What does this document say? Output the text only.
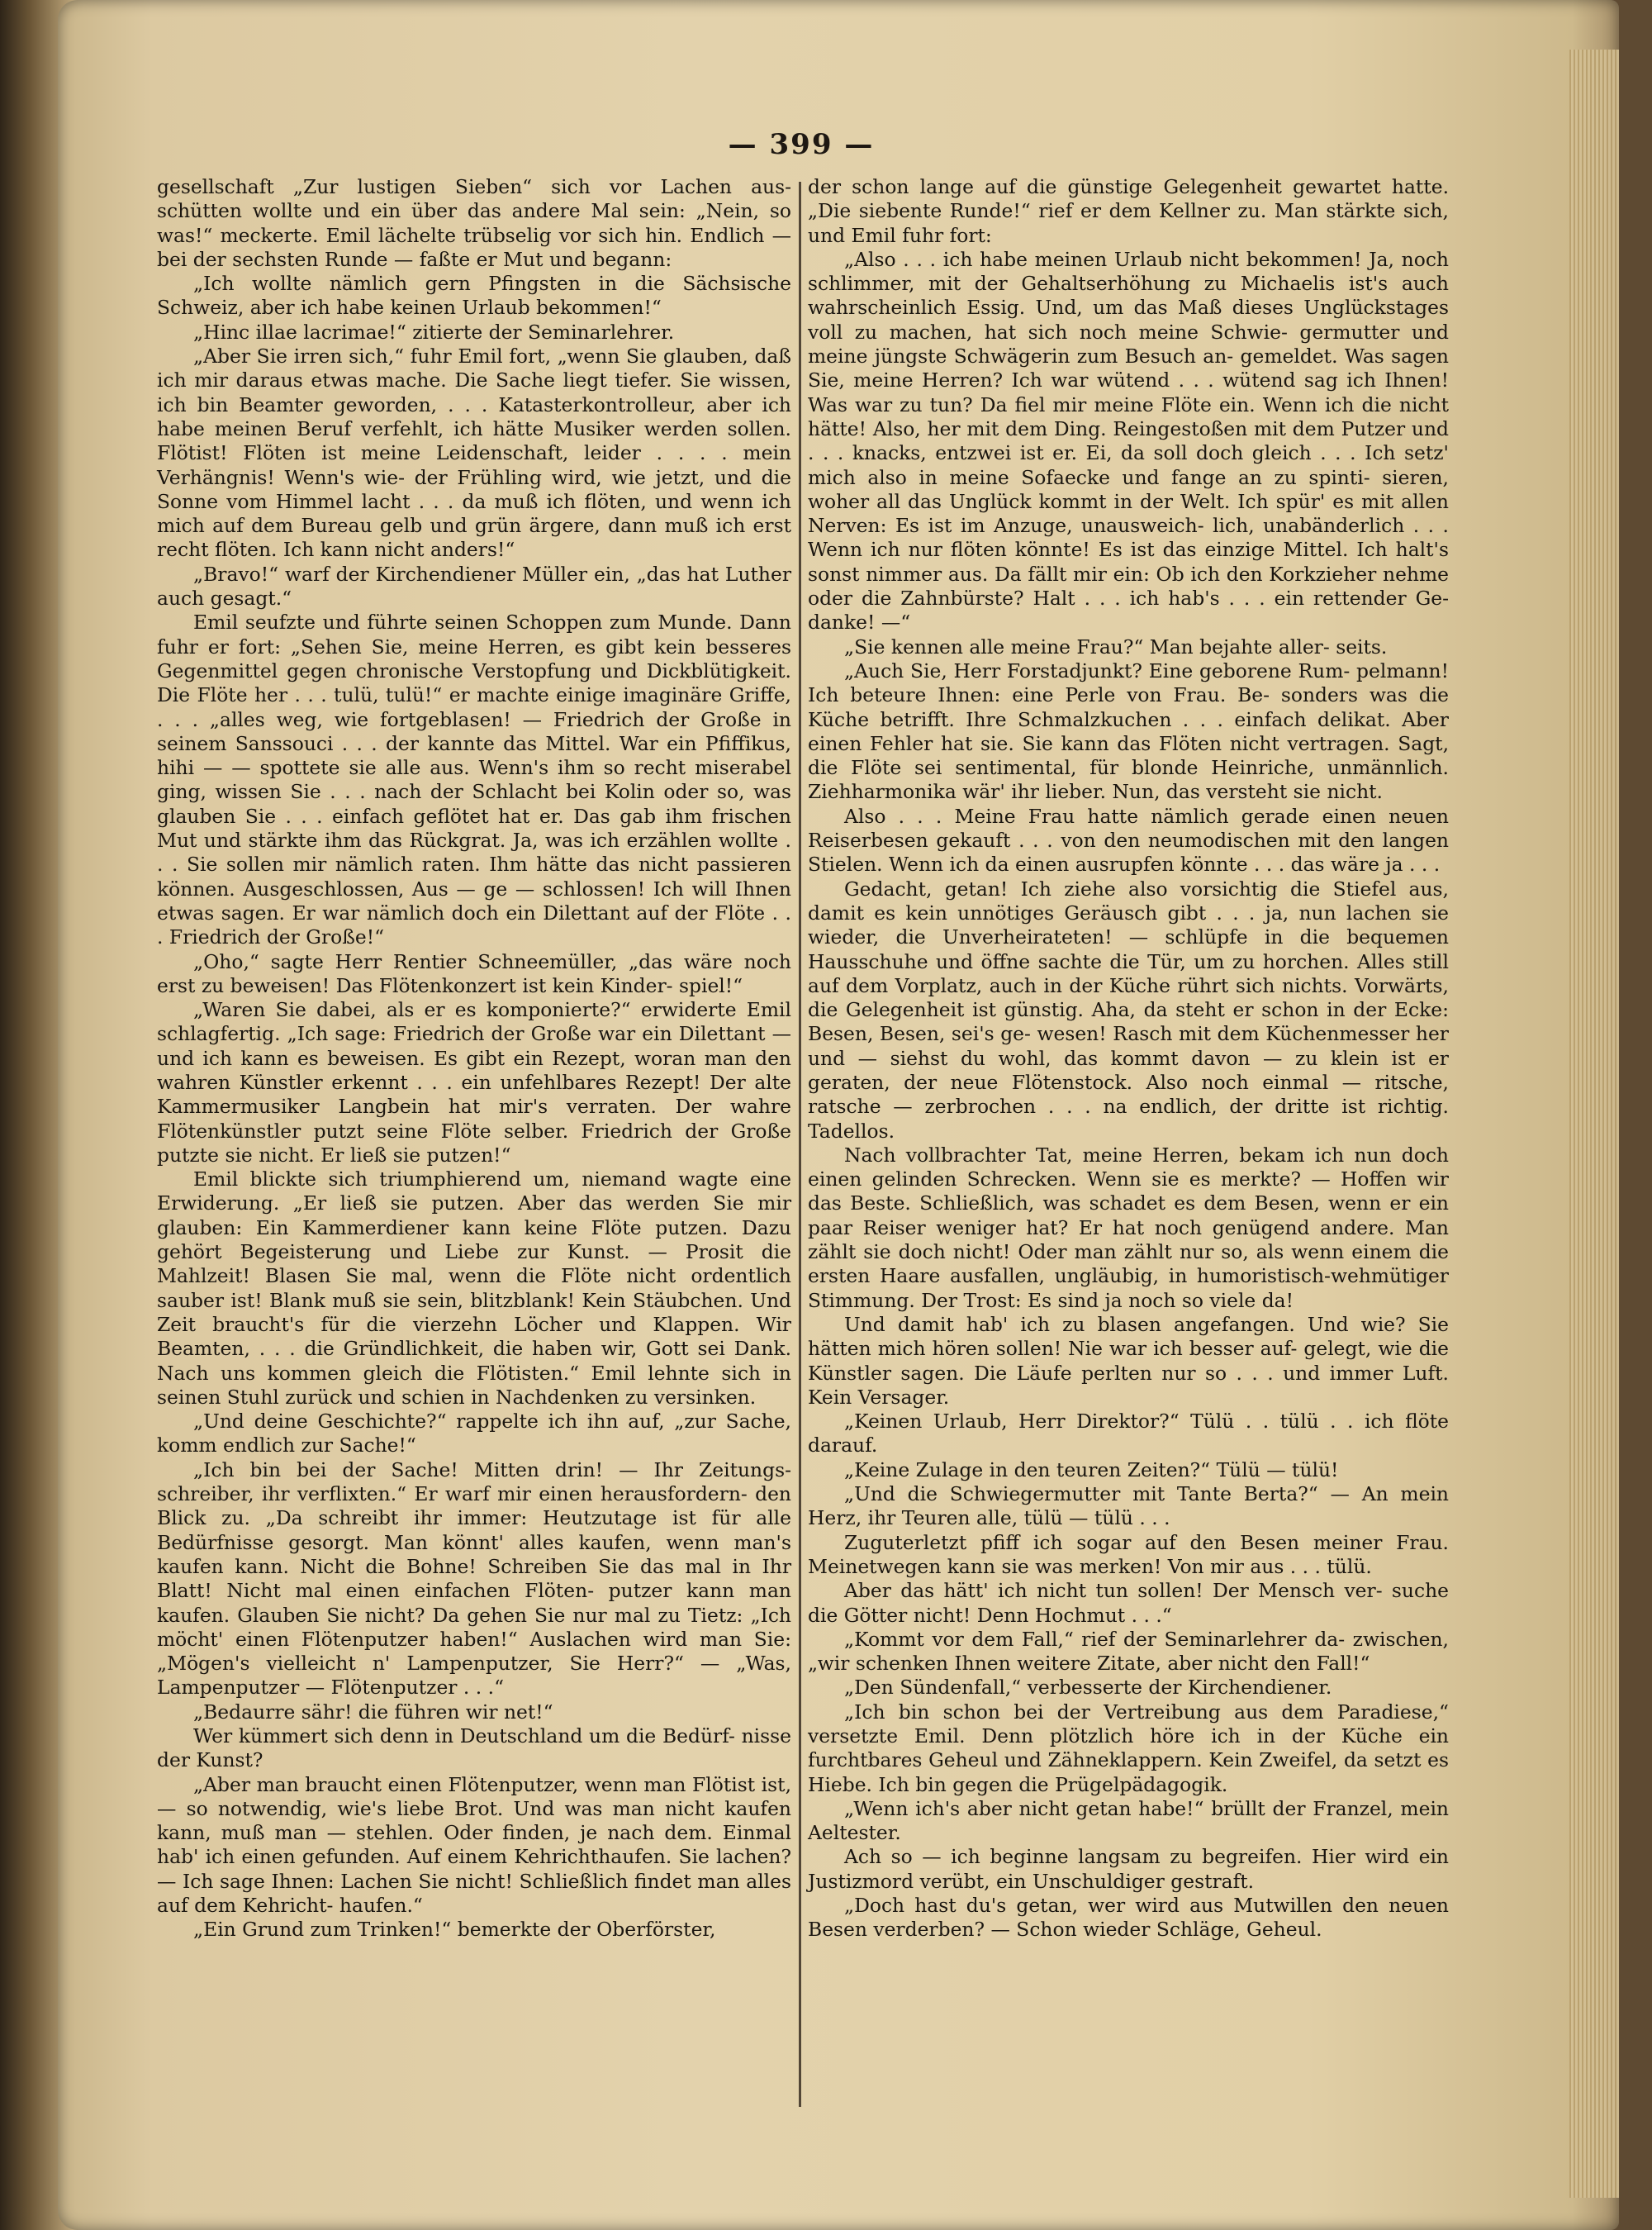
— 399 —

gesellschaft „Zur lustigen Sieben“ sich vor Lachen aus- schütten wollte und ein über das andere Mal sein: „Nein, so was!“ meckerte. Emil lächelte trübselig vor sich hin. Endlich — bei der sechsten Runde — faßte er Mut und begann:

„Ich wollte nämlich gern Pfingsten in die Sächsische Schweiz, aber ich habe keinen Urlaub bekommen!“

„Hinc illae lacrimae!“ zitierte der Seminarlehrer.

„Aber Sie irren sich,“ fuhr Emil fort, „wenn Sie glauben, daß ich mir daraus etwas mache. Die Sache liegt tiefer. Sie wissen, ich bin Beamter geworden, . . . Katasterkontrolleur, aber ich habe meinen Beruf verfehlt, ich hätte Musiker werden sollen. Flötist! Flöten ist meine Leidenschaft, leider . . . . mein Verhängnis! Wenn's wie- der Frühling wird, wie jetzt, und die Sonne vom Himmel lacht . . . da muß ich flöten, und wenn ich mich auf dem Bureau gelb und grün ärgere, dann muß ich erst recht flöten. Ich kann nicht anders!“

„Bravo!“ warf der Kirchendiener Müller ein, „das hat Luther auch gesagt.“

Emil seufzte und führte seinen Schoppen zum Munde. Dann fuhr er fort: „Sehen Sie, meine Herren, es gibt kein besseres Gegenmittel gegen chronische Verstopfung und Dickblütigkeit. Die Flöte her . . . tulü, tulü!“ er machte einige imaginäre Griffe, . . . „alles weg, wie fortgeblasen! — Friedrich der Große in seinem Sanssouci . . . der kannte das Mittel. War ein Pfiffikus, hihi — — spottete sie alle aus. Wenn's ihm so recht miserabel ging, wissen Sie . . . nach der Schlacht bei Kolin oder so, was glauben Sie . . . einfach geflötet hat er. Das gab ihm frischen Mut und stärkte ihm das Rückgrat. Ja, was ich erzählen wollte . . . Sie sollen mir nämlich raten. Ihm hätte das nicht passieren können. Ausgeschlossen, Aus — ge — schlossen! Ich will Ihnen etwas sagen. Er war nämlich doch ein Dilettant auf der Flöte . . . Friedrich der Große!“

„Oho,“ sagte Herr Rentier Schneemüller, „das wäre noch erst zu beweisen! Das Flötenkonzert ist kein Kinder- spiel!“

„Waren Sie dabei, als er es komponierte?“ erwiderte Emil schlagfertig. „Ich sage: Friedrich der Große war ein Dilettant — und ich kann es beweisen. Es gibt ein Rezept, woran man den wahren Künstler erkennt . . . ein unfehlbares Rezept! Der alte Kammermusiker Langbein hat mir's verraten. Der wahre Flötenkünstler putzt seine Flöte selber. Friedrich der Große putzte sie nicht. Er ließ sie putzen!“

Emil blickte sich triumphierend um, niemand wagte eine Erwiderung. „Er ließ sie putzen. Aber das werden Sie mir glauben: Ein Kammerdiener kann keine Flöte putzen. Dazu gehört Begeisterung und Liebe zur Kunst. — Prosit die Mahlzeit! Blasen Sie mal, wenn die Flöte nicht ordentlich sauber ist! Blank muß sie sein, blitzblank! Kein Stäubchen. Und Zeit braucht's für die vierzehn Löcher und Klappen. Wir Beamten, . . . die Gründlichkeit, die haben wir, Gott sei Dank. Nach uns kommen gleich die Flötisten.“ Emil lehnte sich in seinen Stuhl zurück und schien in Nachdenken zu versinken.

„Und deine Geschichte?“ rappelte ich ihn auf, „zur Sache, komm endlich zur Sache!“

„Ich bin bei der Sache! Mitten drin! — Ihr Zeitungs- schreiber, ihr verflixten.“ Er warf mir einen herausfordern- den Blick zu. „Da schreibt ihr immer: Heutzutage ist für alle Bedürfnisse gesorgt. Man könnt' alles kaufen, wenn man's kaufen kann. Nicht die Bohne! Schreiben Sie das mal in Ihr Blatt! Nicht mal einen einfachen Flöten- putzer kann man kaufen. Glauben Sie nicht? Da gehen Sie nur mal zu Tietz: „Ich möcht' einen Flötenputzer haben!“ Auslachen wird man Sie: „Mögen's vielleicht n' Lampenputzer, Sie Herr?“ — „Was, Lampenputzer — Flötenputzer . . .“

„Bedaurre sähr! die führen wir net!“

Wer kümmert sich denn in Deutschland um die Bedürf- nisse der Kunst?

„Aber man braucht einen Flötenputzer, wenn man Flötist ist, — so notwendig, wie's liebe Brot. Und was man nicht kaufen kann, muß man — stehlen. Oder finden, je nach dem. Einmal hab' ich einen gefunden. Auf einem Kehrichthaufen. Sie lachen? — Ich sage Ihnen: Lachen Sie nicht! Schließlich findet man alles auf dem Kehricht- haufen.“

„Ein Grund zum Trinken!“ bemerkte der Oberförster,

der schon lange auf die günstige Gelegenheit gewartet hatte. „Die siebente Runde!“ rief er dem Kellner zu. Man stärkte sich, und Emil fuhr fort:

„Also . . . ich habe meinen Urlaub nicht bekommen! Ja, noch schlimmer, mit der Gehaltserhöhung zu Michaelis ist's auch wahrscheinlich Essig. Und, um das Maß dieses Unglückstages voll zu machen, hat sich noch meine Schwie- germutter und meine jüngste Schwägerin zum Besuch an- gemeldet. Was sagen Sie, meine Herren? Ich war wütend . . . wütend sag ich Ihnen! Was war zu tun? Da fiel mir meine Flöte ein. Wenn ich die nicht hätte! Also, her mit dem Ding. Reingestoßen mit dem Putzer und . . . knacks, entzwei ist er. Ei, da soll doch gleich . . . Ich setz' mich also in meine Sofaecke und fange an zu spinti- sieren, woher all das Unglück kommt in der Welt. Ich spür' es mit allen Nerven: Es ist im Anzuge, unausweich- lich, unabänderlich . . . Wenn ich nur flöten könnte! Es ist das einzige Mittel. Ich halt's sonst nimmer aus. Da fällt mir ein: Ob ich den Korkzieher nehme oder die Zahnbürste? Halt . . . ich hab's . . . ein rettender Ge- danke! —“

„Sie kennen alle meine Frau?“ Man bejahte aller- seits.

„Auch Sie, Herr Forstadjunkt? Eine geborene Rum- pelmann! Ich beteure Ihnen: eine Perle von Frau. Be- sonders was die Küche betrifft. Ihre Schmalzkuchen . . . einfach delikat. Aber einen Fehler hat sie. Sie kann das Flöten nicht vertragen. Sagt, die Flöte sei sentimental, für blonde Heinriche, unmännlich. Ziehharmonika wär' ihr lieber. Nun, das versteht sie nicht.

Also . . . Meine Frau hatte nämlich gerade einen neuen Reiserbesen gekauft . . . von den neumodischen mit den langen Stielen. Wenn ich da einen ausrupfen könnte . . . das wäre ja . . .

Gedacht, getan! Ich ziehe also vorsichtig die Stiefel aus, damit es kein unnötiges Geräusch gibt . . . ja, nun lachen sie wieder, die Unverheirateten! — schlüpfe in die bequemen Hausschuhe und öffne sachte die Tür, um zu horchen. Alles still auf dem Vorplatz, auch in der Küche rührt sich nichts. Vorwärts, die Gelegenheit ist günstig. Aha, da steht er schon in der Ecke: Besen, Besen, sei's ge- wesen! Rasch mit dem Küchenmesser her und — siehst du wohl, das kommt davon — zu klein ist er geraten, der neue Flötenstock. Also noch einmal — ritsche, ratsche — zerbrochen . . . na endlich, der dritte ist richtig. Tadellos.

Nach vollbrachter Tat, meine Herren, bekam ich nun doch einen gelinden Schrecken. Wenn sie es merkte? — Hoffen wir das Beste. Schließlich, was schadet es dem Besen, wenn er ein paar Reiser weniger hat? Er hat noch genügend andere. Man zählt sie doch nicht! Oder man zählt nur so, als wenn einem die ersten Haare ausfallen, ungläubig, in humoristisch-wehmütiger Stimmung. Der Trost: Es sind ja noch so viele da!

Und damit hab' ich zu blasen angefangen. Und wie? Sie hätten mich hören sollen! Nie war ich besser auf- gelegt, wie die Künstler sagen. Die Läufe perlten nur so . . . und immer Luft. Kein Versager.

„Keinen Urlaub, Herr Direktor?“ Tülü . . tülü . . ich flöte darauf.

„Keine Zulage in den teuren Zeiten?“ Tülü — tülü!

„Und die Schwiegermutter mit Tante Berta?“ — An mein Herz, ihr Teuren alle, tülü — tülü . . .

Zuguterletzt pfiff ich sogar auf den Besen meiner Frau. Meinetwegen kann sie was merken! Von mir aus . . . tülü.

Aber das hätt' ich nicht tun sollen! Der Mensch ver- suche die Götter nicht! Denn Hochmut . . .“

„Kommt vor dem Fall,“ rief der Seminarlehrer da- zwischen, „wir schenken Ihnen weitere Zitate, aber nicht den Fall!“

„Den Sündenfall,“ verbesserte der Kirchendiener.

„Ich bin schon bei der Vertreibung aus dem Paradiese,“ versetzte Emil. Denn plötzlich höre ich in der Küche ein furchtbares Geheul und Zähneklappern. Kein Zweifel, da setzt es Hiebe. Ich bin gegen die Prügelpädagogik.

„Wenn ich's aber nicht getan habe!“ brüllt der Franzel, mein Aeltester.

Ach so — ich beginne langsam zu begreifen. Hier wird ein Justizmord verübt, ein Unschuldiger gestraft.

„Doch hast du's getan, wer wird aus Mutwillen den neuen Besen verderben? — Schon wieder Schläge, Geheul.
